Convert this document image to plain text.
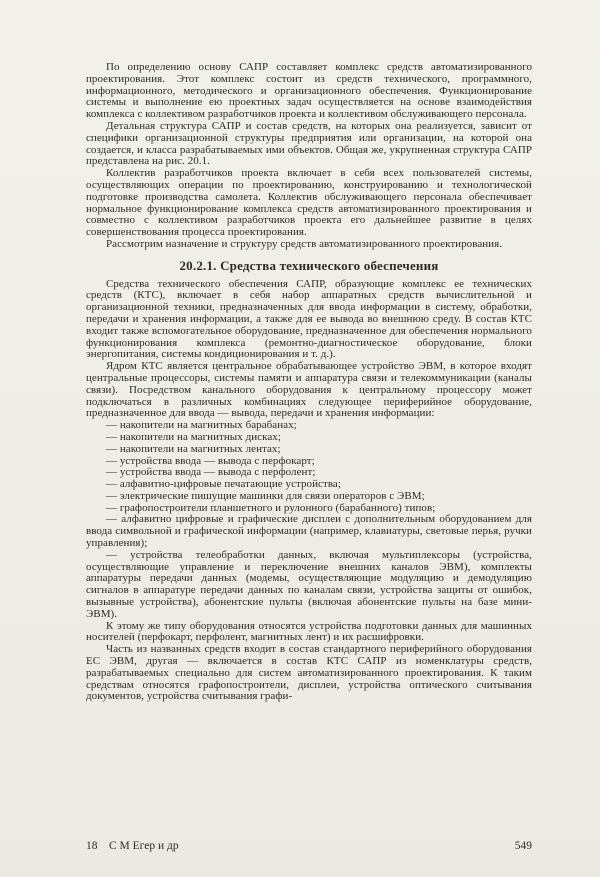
По определению основу САПР составляет комплекс средств автоматизированного проектирования. Этот комплекс состоит из средств технического, программного, информационного, методического и организационного обеспечения. Функционирование системы и выполнение ею проектных задач осуществляется на основе взаимодействия комплекса с коллективом разработчиков проекта и коллективом обслуживающего персонала.

Детальная структура САПР и состав средств, на которых она реализуется, зависит от специфики организационной структуры предприятия или организации, на которой она создается, и класса разрабатываемых ими объектов. Общая же, укрупненная структура САПР представлена на рис. 20.1.

Коллектив разработчиков проекта включает в себя всех пользователей системы, осуществляющих операции по проектированию, конструированию и технологической подготовке производства самолета. Коллектив обслуживающего персонала обеспечивает нормальное функционирование комплекса средств автоматизированного проектирования и совместно с коллективом разработчиков проекта его дальнейшее развитие в целях совершенствования процесса проектирования.

Рассмотрим назначение и структуру средств автоматизированного проектирования.

20.2.1. Средства технического обеспечения

Средства технического обеспечения САПР, образующие комплекс ее технических средств (КТС), включает в себя набор аппаратных средств вычислительной и организационной техники, предназначенных для ввода информации в систему, обработки, передачи и хранения информации, а также для ее вывода во внешнюю среду. В состав КТС входит также вспомогательное оборудование, предназначенное для обеспечения нормального функционирования комплекса (ремонтно-диагностическое оборудование, блоки энергопитания, системы кондиционирования и т. д.).

Ядром КТС является центральное обрабатывающее устройство ЭВМ, в которое входят центральные процессоры, системы памяти и аппаратура связи и телекоммуникации (каналы связи). Посредством канального оборудования к центральному процессору может подключаться в различных комбинациях следующее периферийное оборудование, предназначенное для ввода — вывода, передачи и хранения информации:

— накопители на магнитных барабанах;

— накопители на магнитных дисках;

— накопители на магнитных лентах;

— устройства ввода — вывода с перфокарт;

— устройства ввода — вывода с перфолент;

— алфавитно-цифровые печатающие устройства;

— электрические пишущие машинки для связи операторов с ЭВМ;

— графопостроители планшетного и рулонного (барабанного) типов;

— алфавитно цифровые и графические дисплеи с дополнительным оборудованием для ввода символьной и графической информации (например, клавиатуры, световые перья, ручки управления);

— устройства телеобработки данных, включая мультиплексоры (устройства, осуществляющие управление и переключение внешних каналов ЭВМ), комплекты аппаратуры передачи данных (модемы, осуществляющие модуляцию и демодуляцию сигналов в аппаратуре передачи данных по каналам связи, устройства защиты от ошибок, вызывные устройства), абонентские пульты (включая абонентские пульты на базе мини-ЭВМ).

К этому же типу оборудования относятся устройства подготовки данных для машинных носителей (перфокарт, перфолент, магнитных лент) и их расшифровки.

Часть из названных средств входит в состав стандартного периферийного оборудования ЕС ЭВМ, другая — включается в состав КТС САПР из номенклатуры средств, разрабатываемых специально для систем автоматизированного проектирования. К таким средствам относятся графопостроители, дисплеи, устройства оптического считывания документов, устройства считывания графи-

18    С М Егер и др	549
